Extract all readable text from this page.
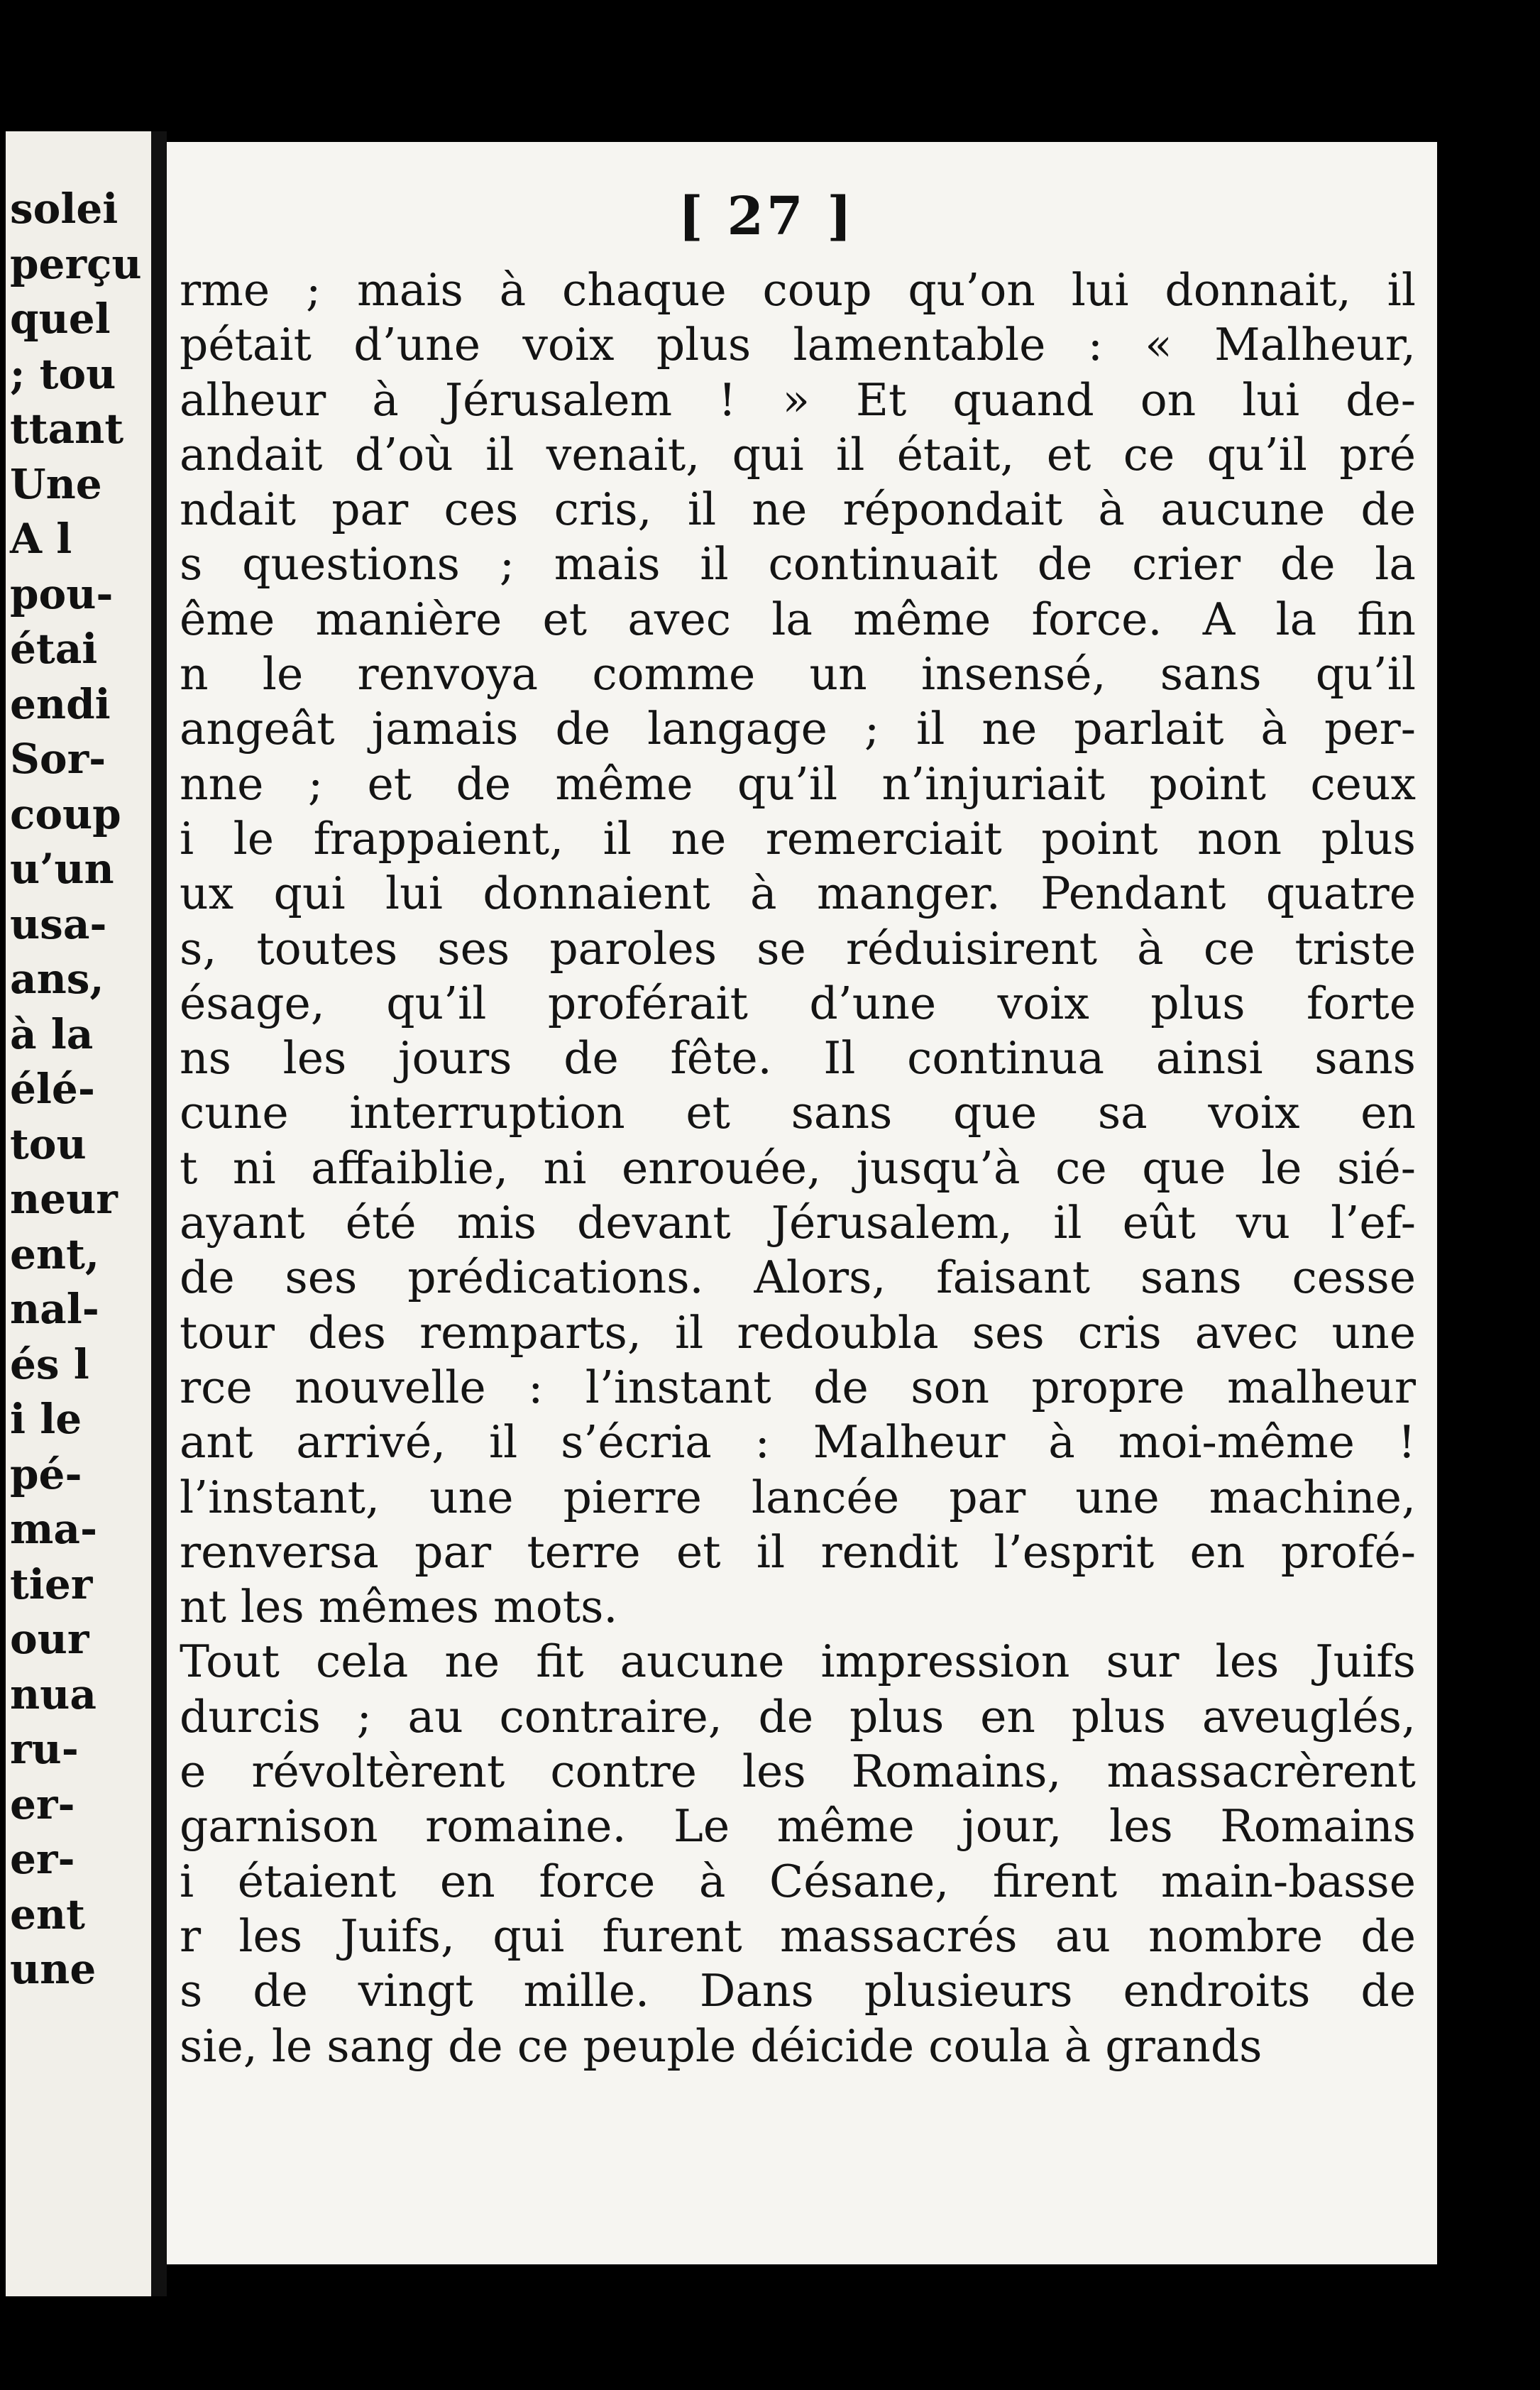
solei
perçu
quel
; tou
ttant
Une
A l
pou-
étai
endi
Sor-
coup
u’un
usa-
ans,
à la
élé-
tou
neur
ent,
nal-
és l
i le
pé-
ma-
tier
our
nua
ru-
er-
er-
ent
une
[ 27 ]
rme ; mais à chaque coup qu’on lui donnait, il
pétait d’une voix plus lamentable : « Malheur,
alheur à Jérusalem ! » Et quand on lui de-
andait d’où il venait, qui il était, et ce qu’il pré
ndait par ces cris, il ne répondait à aucune de
s questions ; mais il continuait de crier de la
ême manière et avec la même force. A la fin
n le renvoya comme un insensé, sans qu’il
angeât jamais de langage ; il ne parlait à per-
nne ; et de même qu’il n’injuriait point ceux
i le frappaient, il ne remerciait point non plus
ux qui lui donnaient à manger. Pendant quatre
s, toutes ses paroles se réduisirent à ce triste
ésage, qu’il proférait d’une voix plus forte
ns les jours de fête. Il continua ainsi sans
cune interruption et sans que sa voix en
t ni affaiblie, ni enrouée, jusqu’à ce que le sié-
ayant été mis devant Jérusalem, il eût vu l’ef-
de ses prédications. Alors, faisant sans cesse
tour des remparts, il redoubla ses cris avec une
rce nouvelle : l’instant de son propre malheur
ant arrivé, il s’écria : Malheur à moi-même !
l’instant, une pierre lancée par une machine,
renversa par terre et il rendit l’esprit en profé-
nt les mêmes mots.
Tout cela ne fit aucune impression sur les Juifs
durcis ; au contraire, de plus en plus aveuglés,
e révoltèrent contre les Romains, massacrèrent
garnison romaine. Le même jour, les Romains
i étaient en force à Césane, firent main-basse
r les Juifs, qui furent massacrés au nombre de
s de vingt mille. Dans plusieurs endroits de
sie, le sang de ce peuple déicide coula à grands
